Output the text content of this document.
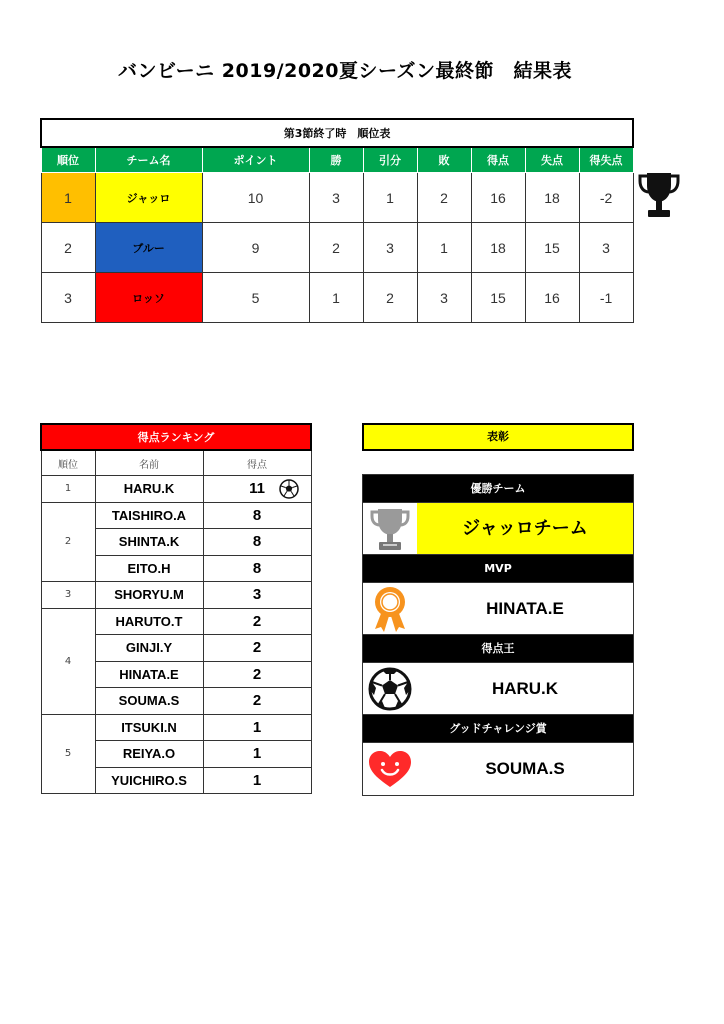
バンビーニ 2019/2020夏シーズン最終節　結果表
第3節終了時　順位表								
順位	チーム名	ポイント	勝	引分	敗	得点	失点	得失点
1	ジャッロ	10	3	1	2	16	18	-2
2	ブルー	9	2	3	1	18	15	3
3	ロッソ	5	1	2	3	15	16	-1
得点ランキング		
順位	名前	得点
1	HARU.K	11

2	TAISHIRO.A	8
	SHINTA.K	8
	EITO.H	8
3	SHORYU.M	3
4	HARUTO.T	2
	GINJI.Y	2
	HINATA.E	2
	SOUMA.S	2
5	ITSUKI.N	1
	REIYA.O	1
	YUICHIRO.S	1
表彰
優勝チーム
ジャッロチーム
MVP
HINATA.E
得点王
HARU.K
グッドチャレンジ賞
SOUMA.S
